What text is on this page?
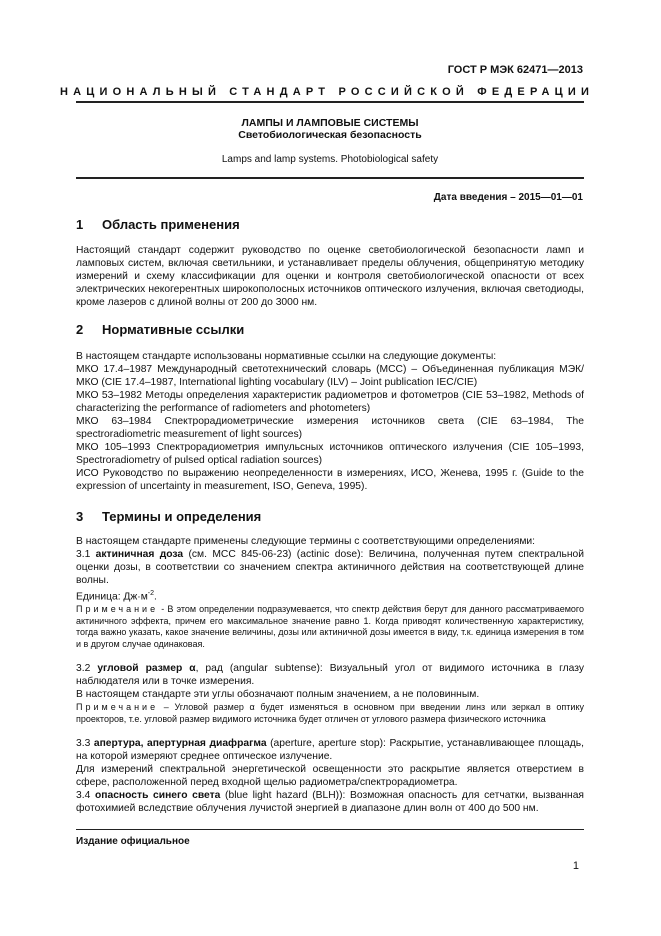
ГОСТ Р МЭК 62471—2013
НАЦИОНАЛЬНЫЙ СТАНДАРТ РОССИЙСКОЙ ФЕДЕРАЦИИ
ЛАМПЫ И ЛАМПОВЫЕ СИСТЕМЫ
Светобиологическая безопасность
Lamps and lamp systems. Photobiological safety
Дата введения – 2015—01—01
1 Область применения

Настоящий стандарт содержит руководство по оценке светобиологической безопасности ламп и ламповых систем, включая светильники, и устанавливает пределы облучения, общепринятую методику измерений и схему классификации для оценки и контроля светобиологической опасности от всех электрических некогерентных широкополосных источников оптического излучения, включая светодиоды, кроме лазеров с длиной волны от 200 до 3000 нм.

2 Нормативные ссылки

В настоящем стандарте использованы нормативные ссылки на следующие документы:

МКО 17.4–1987 Международный светотехнический словарь (МСС) – Объединенная публикация МЭК/МКО (CIE 17.4–1987, International lighting vocabulary (ILV) – Joint publication IEC/CIE)

МКО 53–1982 Методы определения характеристик радиометров и фотометров (CIE 53–1982, Methods of characterizing the performance of radiometers and photometers)

МКО 63–1984 Спектрорадиометрические измерения источников света (CIE 63–1984, The spectroradiometric measurement of light sources)

МКО 105–1993 Спектрорадиометрия импульсных источников оптического излучения (CIE 105–1993, Spectroradiometry of pulsed optical radiation sources)

ИСО Руководство по выражению неопределенности в измерениях, ИСО, Женева, 1995 г. (Guide to the expression of uncertainty in measurement, ISO, Geneva, 1995).

3 Термины и определения

В настоящем стандарте применены следующие термины с соответствующими определениями:

3.1 актиничная доза (см. МСС 845-06-23) (actinic dose): Величина, полученная путем спектральной оценки дозы, в соответствии со значением спектра актиничного действия на соответствующей длине волны.

Единица: $Дж\cdot м^{-2}$.

Примечание - В этом определении подразумевается, что спектр действия берут для данного рассматриваемого актиничного эффекта, причем его максимальное значение равно 1. Когда приводят количественную характеристику, тогда важно указать, какое значение величины, дозы или актиничной дозы имеется в виду, т.к. единица измерения в том и в другом случае одинаковая.

3.2 угловой размер α, рад (angular subtense): Визуальный угол от видимого источника в глазу наблюдателя или в точке измерения.

В настоящем стандарте эти углы обозначают полным значением, а не половинным.

Примечание – Угловой размер α будет изменяться в основном при введении линз или зеркал в оптику проекторов, т.е. угловой размер видимого источника будет отличен от углового размера физического источника

3.3 апертура, апертурная диафрагма (aperture, aperture stop): Раскрытие, устанавливающее площадь, на которой измеряют среднее оптическое излучение.

Для измерений спектральной энергетической освещенности это раскрытие является отверстием в сфере, расположенной перед входной щелью радиометра/спектрорадиометра.

3.4 опасность синего света (blue light hazard (BLH)): Возможная опасность для сетчатки, вызванная фотохимией вследствие облучения лучистой энергией в диапазоне длин волн от 400 до 500 нм.

Издание официальное
1
